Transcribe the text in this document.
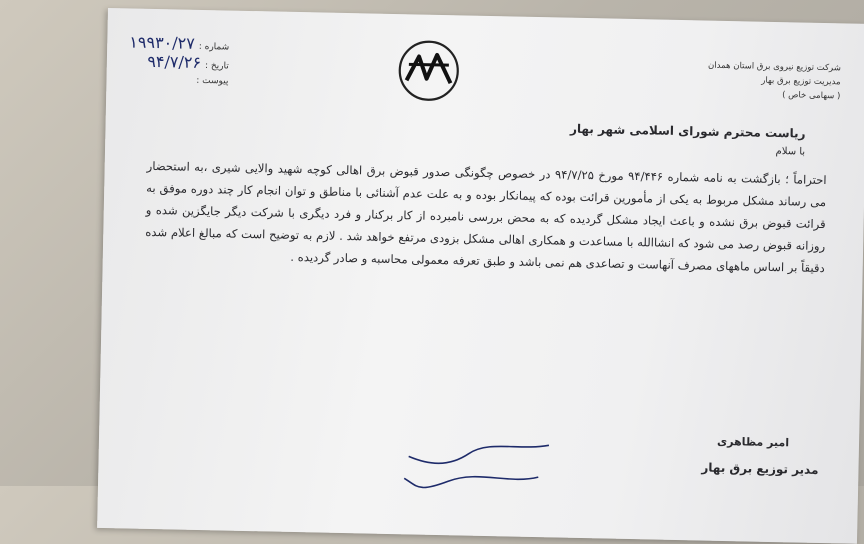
شرکت توزیع نیروی برق استان همدان
مدیریت توزیع برق بهار
( سهامی خاص )
شماره :
۱۹۹۳۰/۲۷
تاریخ :
۹۴/۷/۲۶
پیوست :
ریاست محترم شورای اسلامی شهر بهار
با سلام

احتراماً ؛ بازگشت به نامه شماره ۹۴/۴۴۶ مورخ ۹۴/۷/۲۵ در خصوص چگونگی صدور قبوض برق اهالی کوچه شهید والایی شیری ،به استحضار می رساند مشکل مربوط به یکی از مأمورین قرائت بوده که پیمانکار بوده و به علت عدم آشنائی با مناطق و توان انجام کار چند دوره موفق به قرائت قبوض برق نشده و باعث ایجاد مشکل گردیده که به محض بررسی نامبرده از کار برکنار و فرد دیگری با شرکت دیگر جایگزین شده و روزانه قبوض رصد می شود که انشاالله با مساعدت و همکاری اهالی مشکل بزودی مرتفع خواهد شد . لازم به توضیح است که مبالغ اعلام شده دقیقاً بر اساس ماههای مصرف آنهاست و تصاعدی هم نمی باشد و طبق تعرفه معمولی محاسبه و صادر گردیده .

امیر مظاهری
مدیر توزیع برق بهار
